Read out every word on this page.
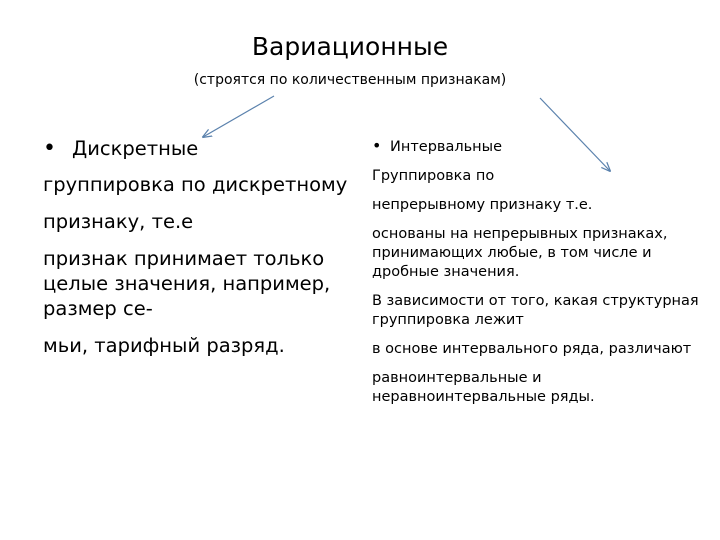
Вариационные
(строятся по количественным признакам)

• Дискретные

группировка по дискретному

признаку, те.е

признак принимает только целые значения, например, размер се-

мьи, тарифный разряд.

• Интервальные

Группировка по

непрерывному признаку т.е.

основаны на непрерывных признаках, принимающих любые, в том числе и дробные значения.

В зависимости от того, какая структурная группировка лежит

в основе интервального ряда, различают

равноинтервальные и неравноинтервальные ряды.
